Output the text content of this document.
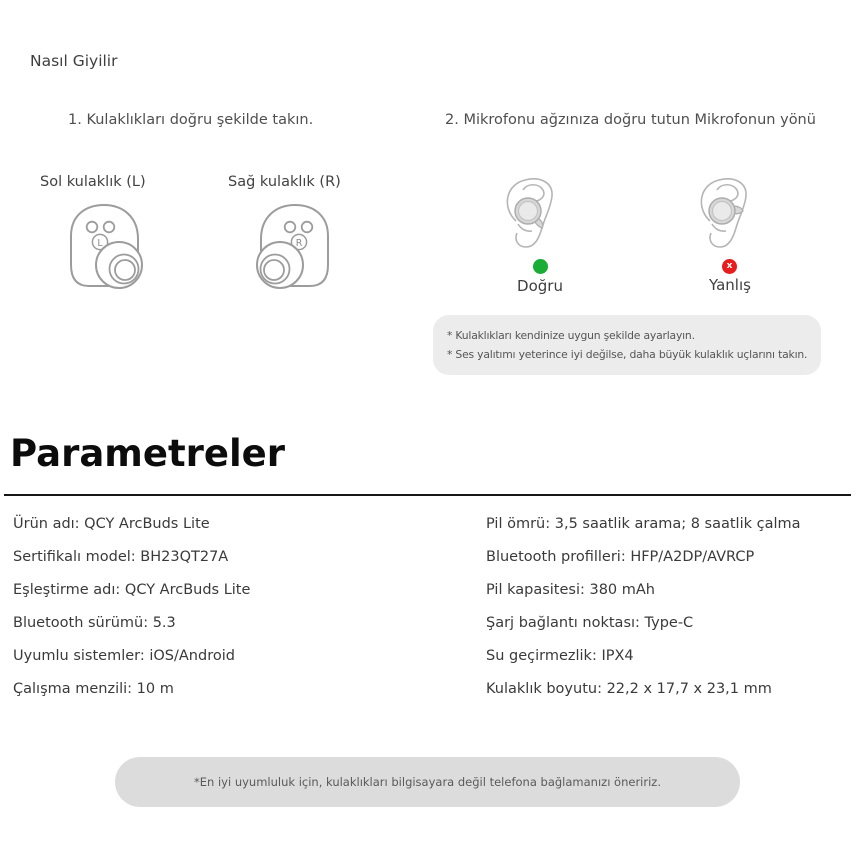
Nasıl Giyilir
1. Kulaklıkları doğru şekilde takın.	2. Mikrofonu ağzınıza doğru tutun Mikrofonun yönü
Sol kulaklık (L)	Sağ kulaklık (R)
L	R
Doğru
x
Yanlış
* Kulaklıkları kendinize uygun şekilde ayarlayın.
* Ses yalıtımı yeterince iyi değilse, daha büyük kulaklık uçlarını takın.
Parametreler
Ürün adı: QCY ArcBuds Lite
Sertifikalı model: BH23QT27A
Eşleştirme adı: QCY ArcBuds Lite
Bluetooth sürümü: 5.3
Uyumlu sistemler: iOS/Android
Çalışma menzili: 10 m
Pil ömrü: 3,5 saatlik arama; 8 saatlik çalma
Bluetooth profilleri: HFP/A2DP/AVRCP
Pil kapasitesi: 380 mAh
Şarj bağlantı noktası: Type-C
Su geçirmezlik: IPX4
Kulaklık boyutu: 22,2 x 17,7 x 23,1 mm
*En iyi uyumluluk için, kulaklıkları bilgisayara değil telefona bağlamanızı öneririz.
